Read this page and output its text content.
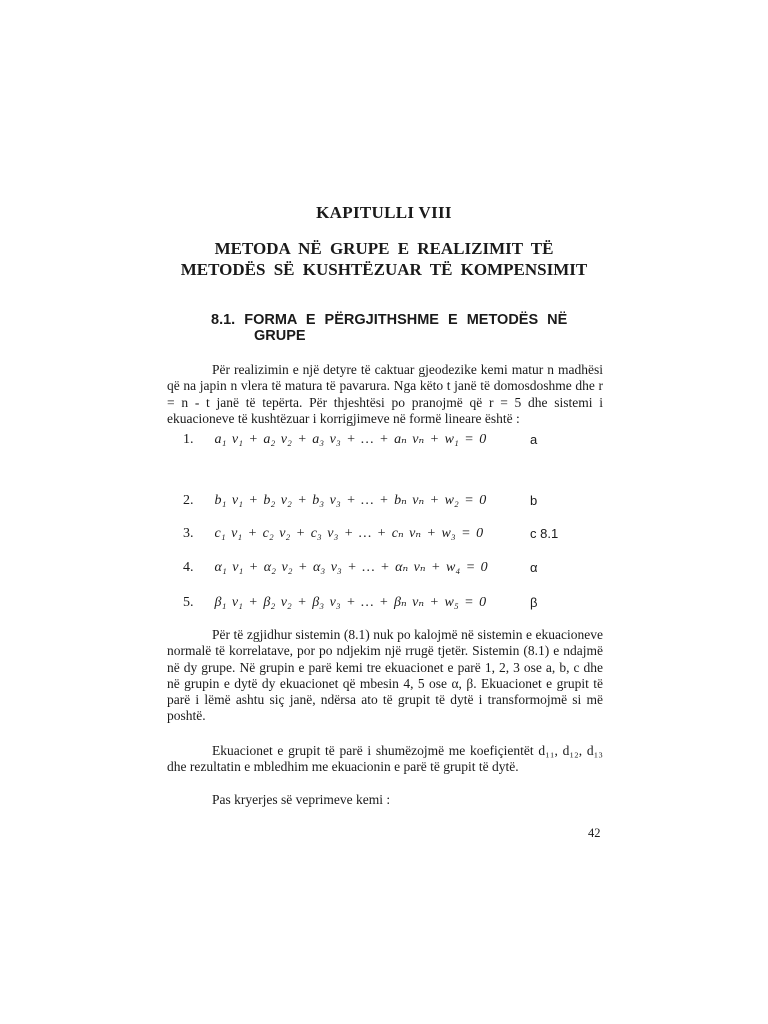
KAPITULLI VIII
METODA NË GRUPE E REALIZIMIT TË
METODËS SË KUSHTËZUAR TË KOMPENSIMIT
8.1. FORMA E PËRGJITHSHME E METODËS NË
GRUPE
Për realizimin e një detyre të caktuar gjeodezike kemi matur n madhësi që na japin n vlera të matura të pavarura. Nga këto t janë të domosdoshme dhe r = n - t janë të tepërta. Për thjeshtësi po pranojmë që r = 5 dhe sistemi i ekuacioneve të kushtëzuar i korrigjimeve në formë lineare është :
1. a₁ v₁ + a₂ v₂ + a₃ v₃ + … + aₙ vₙ + w₁ = 0	a
2. b₁ v₁ + b₂ v₂ + b₃ v₃ + … + bₙ vₙ + w₂ = 0	b
3. c₁ v₁ + c₂ v₂ + c₃ v₃ + … + cₙ vₙ + w₃ = 0	c 8.1
4. α₁ v₁ + α₂ v₂ + α₃ v₃ + … + αₙ vₙ + w₄ = 0	α
5. β₁ v₁ + β₂ v₂ + β₃ v₃ + … + βₙ vₙ + w₅ = 0	β
Për të zgjidhur sistemin (8.1) nuk po kalojmë në sistemin e ekuacioneve normalë të korrelatave, por po ndjekim një rrugë tjetër. Sistemin (8.1) e ndajmë në dy grupe. Në grupin e parë kemi tre ekuacionet e parë 1, 2, 3 ose a, b, c dhe në grupin e dytë dy ekuacionet që mbesin 4, 5 ose α, β. Ekuacionet e grupit të parë i lëmë ashtu siç janë, ndërsa ato të grupit të dytë i transformojmë si më poshtë.
Ekuacionet e grupit të parë i shumëzojmë me koefiçientët d₁₁, d₁₂, d₁₃ dhe rezultatin e mbledhim me ekuacionin e parë të grupit të dytë.
Pas kryerjes së veprimeve kemi :
42
